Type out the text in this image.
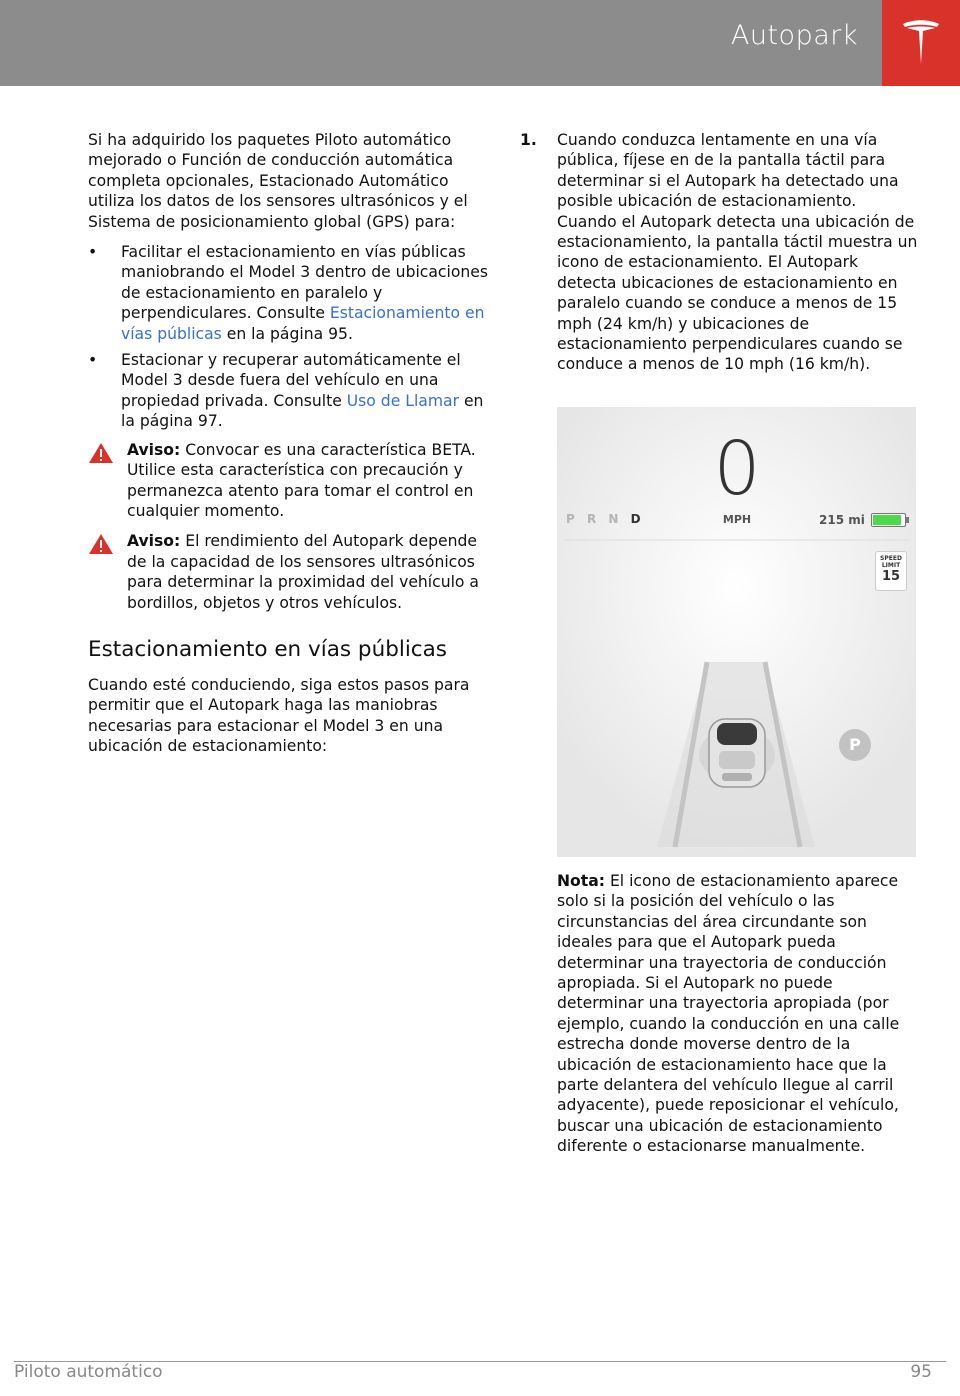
Autopark

Si ha adquirido los paquetes Piloto automático mejorado o Función de conducción automática completa opcionales, Estacionado Automático utiliza los datos de los sensores ultrasónicos y el Sistema de posicionamiento global (GPS) para:

• Facilitar el estacionamiento en vías públicas maniobrando el Model 3 dentro de ubicaciones de estacionamiento en paralelo y perpendiculares. Consulte Estacionamiento en vías públicas en la página 95.
• Estacionar y recuperar automáticamente el Model 3 desde fuera del vehículo en una propiedad privada. Consulte Uso de Llamar en la página 97.
Aviso: Convocar es una característica BETA. Utilice esta característica con precaución y permanezca atento para tomar el control en cualquier momento.
Aviso: El rendimiento del Autopark depende de la capacidad de los sensores ultrasónicos para determinar la proximidad del vehículo a bordillos, objetos y otros vehículos.
Estacionamiento en vías públicas

Cuando esté conduciendo, siga estos pasos para permitir que el Autopark haga las maniobras necesarias para estacionar el Model 3 en una ubicación de estacionamiento:

1. Cuando conduzca lentamente en una vía pública, fíjese en de la pantalla táctil para determinar si el Autopark ha detectado una posible ubicación de estacionamiento. Cuando el Autopark detecta una ubicación de estacionamiento, la pantalla táctil muestra un icono de estacionamiento. El Autopark detecta ubicaciones de estacionamiento en paralelo cuando se conduce a menos de 15 mph (24 km/h) y ubicaciones de estacionamiento perpendiculares cuando se conduce a menos de 10 mph (16 km/h).
0
P R N D	MPH	215 mi
SPEED
LIMIT
15
P
Nota: El icono de estacionamiento aparece solo si la posición del vehículo o las circunstancias del área circundante son ideales para que el Autopark pueda determinar una trayectoria de conducción apropiada. Si el Autopark no puede determinar una trayectoria apropiada (por ejemplo, cuando la conducción en una calle estrecha donde moverse dentro de la ubicación de estacionamiento hace que la parte delantera del vehículo llegue al carril adyacente), puede reposicionar el vehículo, buscar una ubicación de estacionamiento diferente o estacionarse manualmente.
Piloto automático	95
